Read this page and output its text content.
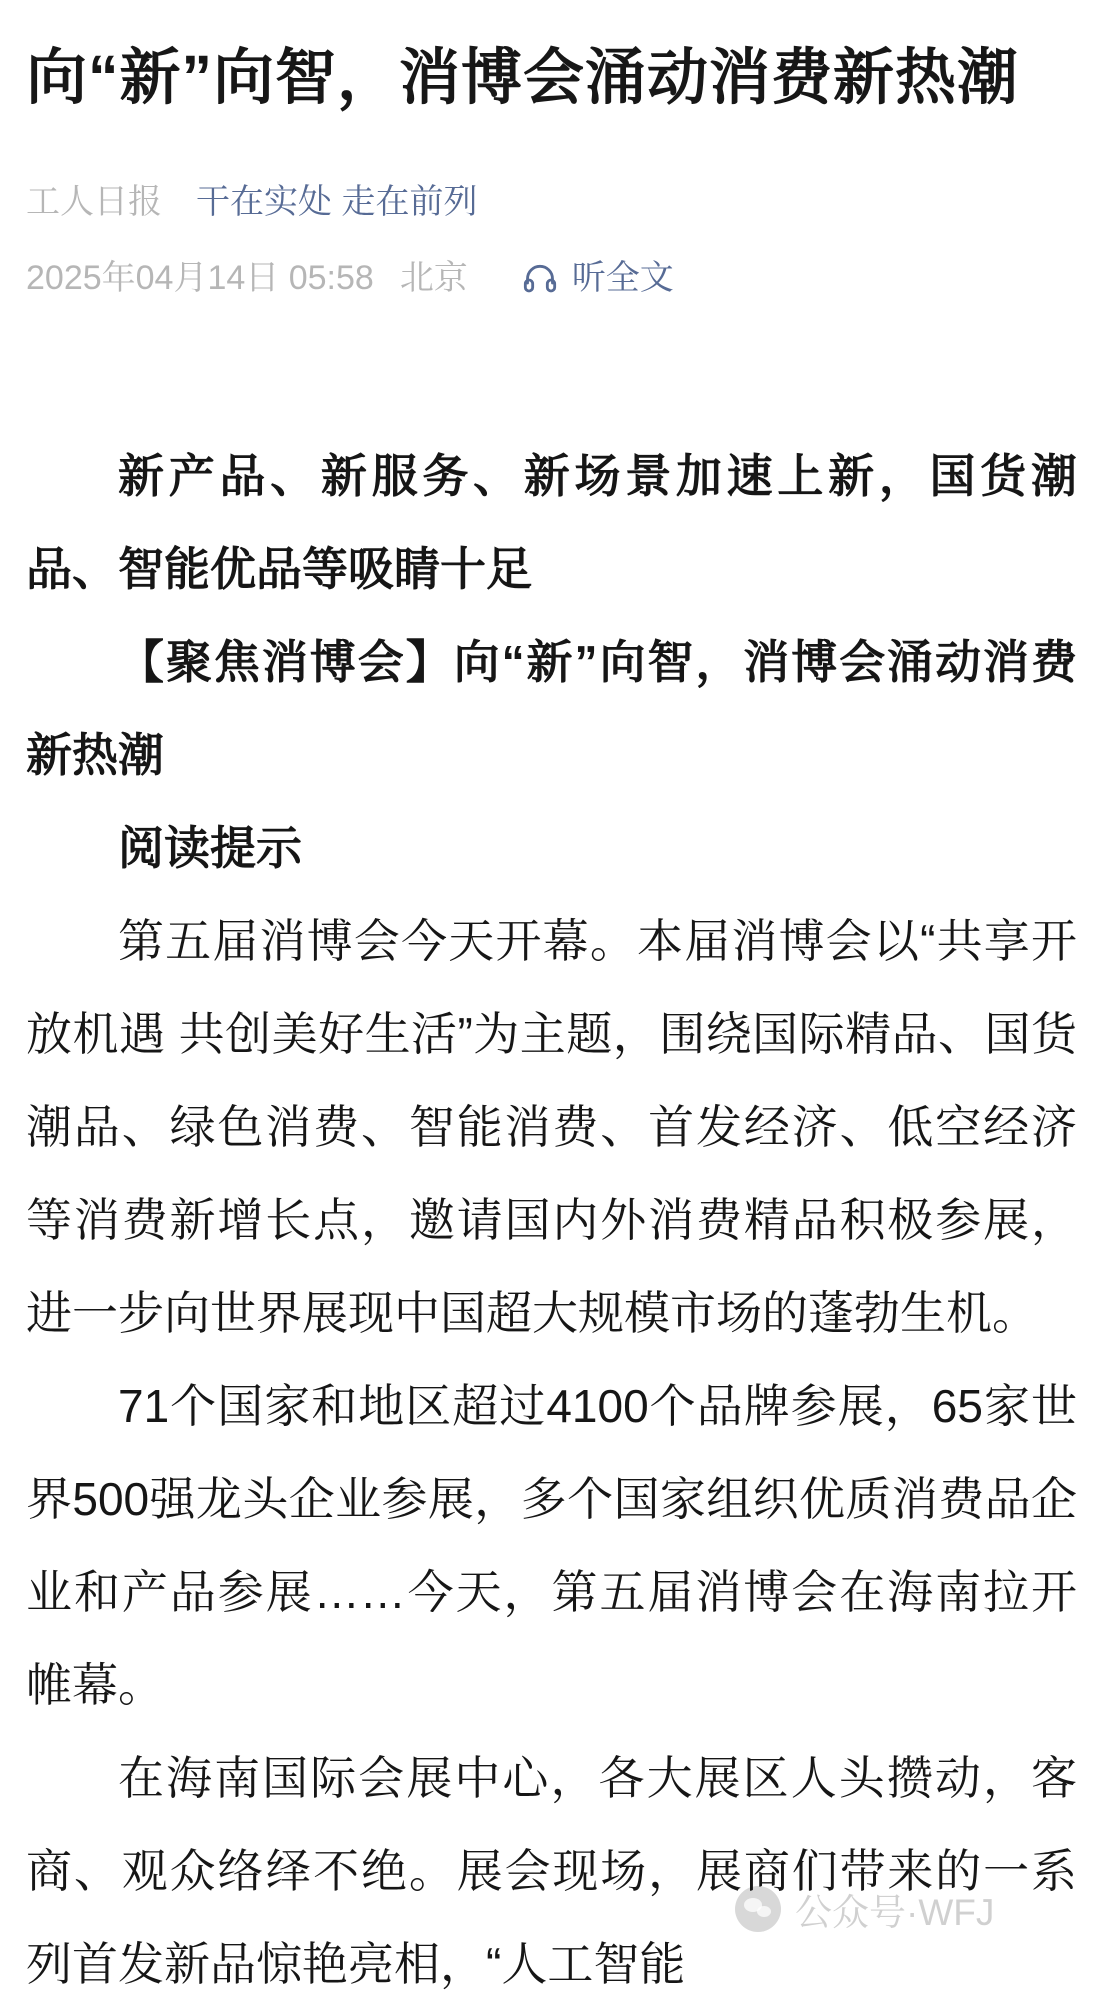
公众号·WFJ
向“新”向智，消博会涌动消费新热潮
工人日报 干在实处 走在前列
2025年04月14日 05:58 北京	听全文

新产品、新服务、新场景加速上新，国货潮品、智能优品等吸睛十足

【聚焦消博会】向“新”向智，消博会涌动消费新热潮

阅读提示

第五届消博会今天开幕。本届消博会以“共享开放机遇 共创美好生活”为主题，围绕国际精品、国货潮品、绿色消费、智能消费、首发经济、低空经济等消费新增长点，邀请国内外消费精品积极参展，进一步向世界展现中国超大规模市场的蓬勃生机。

71个国家和地区超过4100个品牌参展，65家世界500强龙头企业参展，多个国家组织优质消费品企业和产品参展……今天，第五届消博会在海南拉开帷幕。

在海南国际会展中心，各大展区人头攒动，客商、观众络绎不绝。展会现场，展商们带来的一系列首发新品惊艳亮相，“人工智能
